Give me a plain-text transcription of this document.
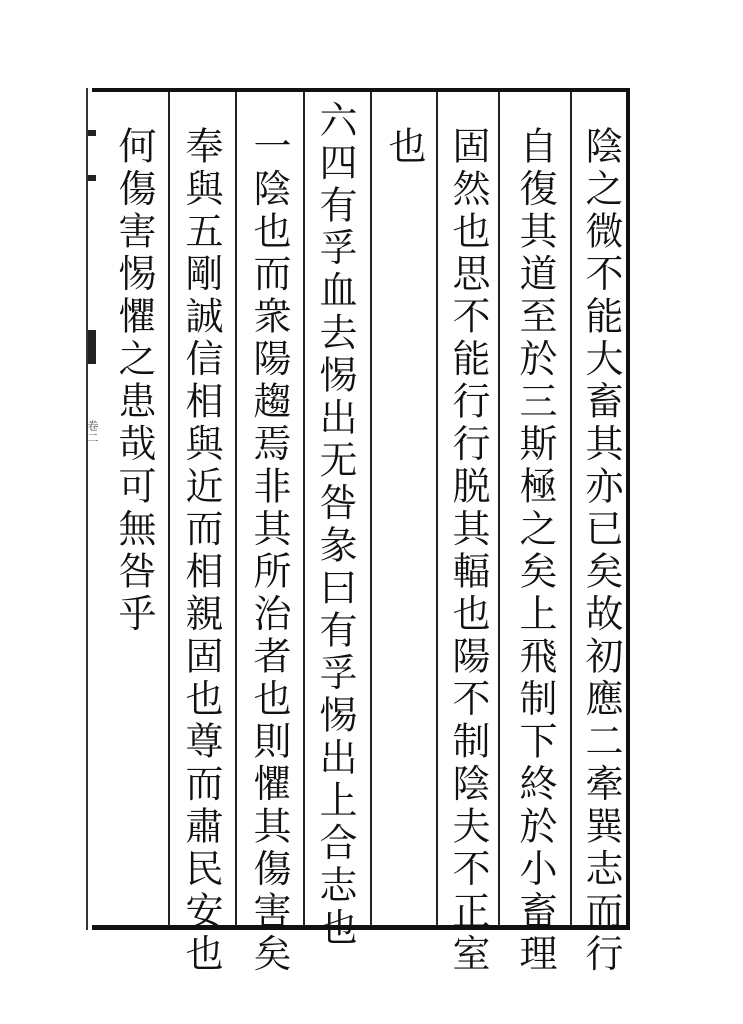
卷二	陰之微不能大畜其亦已矣故初應二牽巽志而行
自復其道至於三斯極之矣上飛制下終於小畜理
固然也思不能行行脱其輻也陽不制陰夫不正室
也
六四有孚血去惕出无咎彖曰有孚惕出上合志也
一陰也而衆陽趨焉非其所治者也則懼其傷害矣
奉與五剛誠信相與近而相親固也尊而肅民安也
何傷害惕懼之患哉可無咎乎
